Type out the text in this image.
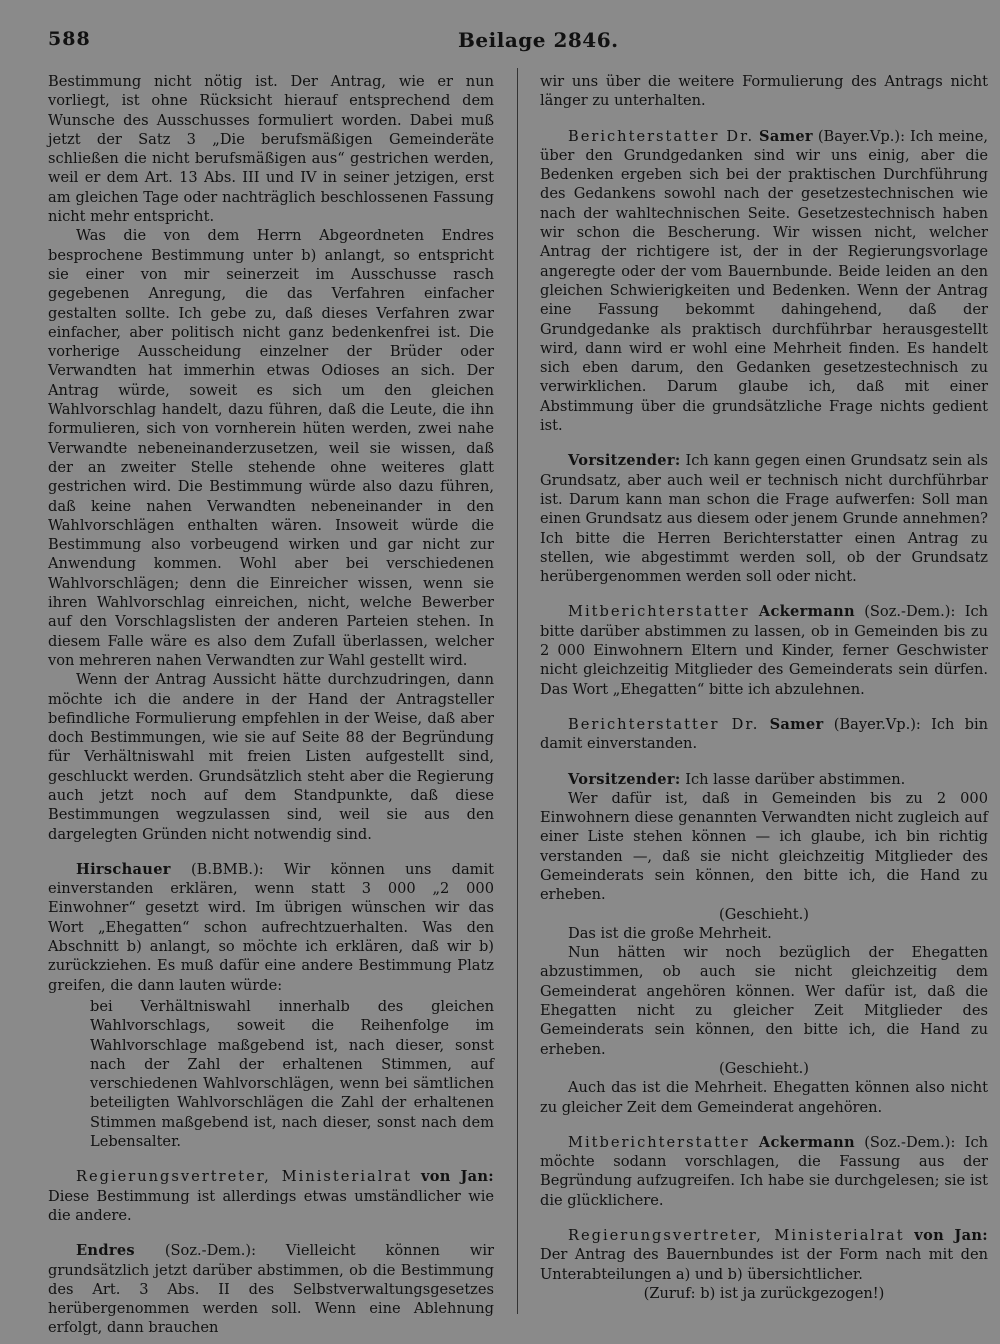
588	Beilage 2846.

Bestimmung nicht nötig ist. Der Antrag, wie er nun vorliegt, ist ohne Rücksicht hierauf entsprechend dem Wunsche des Ausschusses formuliert worden. Dabei muß jetzt der Satz 3 „Die berufsmäßigen Gemeinderäte schließen die nicht berufsmäßigen aus“ gestrichen werden, weil er dem Art. 13 Abs. III und IV in seiner jetzigen, erst am gleichen Tage oder nachträglich beschlossenen Fassung nicht mehr entspricht.

Was die von dem Herrn Abgeordneten Endres besprochene Bestimmung unter b) anlangt, so entspricht sie einer von mir seinerzeit im Ausschusse rasch gegebenen Anregung, die das Verfahren einfacher gestalten sollte. Ich gebe zu, daß dieses Verfahren zwar einfacher, aber politisch nicht ganz bedenkenfrei ist. Die vorherige Ausscheidung einzelner der Brüder oder Verwandten hat immerhin etwas Odioses an sich. Der Antrag würde, soweit es sich um den gleichen Wahlvorschlag handelt, dazu führen, daß die Leute, die ihn formulieren, sich von vornherein hüten werden, zwei nahe Verwandte nebeneinanderzusetzen, weil sie wissen, daß der an zweiter Stelle stehende ohne weiteres glatt gestrichen wird. Die Bestimmung würde also dazu führen, daß keine nahen Verwandten nebeneinander in den Wahlvorschlägen enthalten wären. Insoweit würde die Bestimmung also vorbeugend wirken und gar nicht zur Anwendung kommen. Wohl aber bei verschiedenen Wahlvorschlägen; denn die Einreicher wissen, wenn sie ihren Wahlvorschlag einreichen, nicht, welche Bewerber auf den Vorschlagslisten der anderen Parteien stehen. In diesem Falle wäre es also dem Zufall überlassen, welcher von mehreren nahen Verwandten zur Wahl gestellt wird.

Wenn der Antrag Aussicht hätte durchzudringen, dann möchte ich die andere in der Hand der Antragsteller befindliche Formulierung empfehlen in der Weise, daß aber doch Bestimmungen, wie sie auf Seite 88 der Begründung für Verhältniswahl mit freien Listen aufgestellt sind, geschluckt werden. Grundsätzlich steht aber die Regierung auch jetzt noch auf dem Standpunkte, daß diese Bestimmungen wegzulassen sind, weil sie aus den dargelegten Gründen nicht notwendig sind.

Hirschauer (B.BMB.): Wir können uns damit einverstanden erklären, wenn statt 3 000 „2 000 Einwohner“ gesetzt wird. Im übrigen wünschen wir das Wort „Ehegatten“ schon aufrechtzuerhalten. Was den Abschnitt b) anlangt, so möchte ich erklären, daß wir b) zurückziehen. Es muß dafür eine andere Bestimmung Platz greifen, die dann lauten würde:

bei Verhältniswahl innerhalb des gleichen Wahlvorschlags, soweit die Reihenfolge im Wahlvorschlage maßgebend ist, nach dieser, sonst nach der Zahl der erhaltenen Stimmen, auf verschiedenen Wahlvorschlägen, wenn bei sämtlichen beteiligten Wahlvorschlägen die Zahl der erhaltenen Stimmen maßgebend ist, nach dieser, sonst nach dem Lebensalter.

Regierungsvertreter, Ministerialrat von Jan: Diese Bestimmung ist allerdings etwas umständlicher wie die andere.

Endres (Soz.-Dem.): Vielleicht können wir grundsätzlich jetzt darüber abstimmen, ob die Bestimmung des Art. 3 Abs. II des Selbstverwaltungsgesetzes herübergenommen werden soll. Wenn eine Ablehnung erfolgt, dann brauchen

wir uns über die weitere Formulierung des Antrags nicht länger zu unterhalten.

Berichterstatter Dr. Samer (Bayer.Vp.): Ich meine, über den Grundgedanken sind wir uns einig, aber die Bedenken ergeben sich bei der praktischen Durchführung des Gedankens sowohl nach der gesetzestechnischen wie nach der wahltechnischen Seite. Gesetzestechnisch haben wir schon die Bescherung. Wir wissen nicht, welcher Antrag der richtigere ist, der in der Regierungsvorlage angeregte oder der vom Bauernbunde. Beide leiden an den gleichen Schwierigkeiten und Bedenken. Wenn der Antrag eine Fassung bekommt dahingehend, daß der Grundgedanke als praktisch durchführbar herausgestellt wird, dann wird er wohl eine Mehrheit finden. Es handelt sich eben darum, den Gedanken gesetzestechnisch zu verwirklichen. Darum glaube ich, daß mit einer Abstimmung über die grundsätzliche Frage nichts gedient ist.

Vorsitzender: Ich kann gegen einen Grundsatz sein als Grundsatz, aber auch weil er technisch nicht durchführbar ist. Darum kann man schon die Frage aufwerfen: Soll man einen Grundsatz aus diesem oder jenem Grunde annehmen? Ich bitte die Herren Berichterstatter einen Antrag zu stellen, wie abgestimmt werden soll, ob der Grundsatz herübergenommen werden soll oder nicht.

Mitberichterstatter Ackermann (Soz.-Dem.): Ich bitte darüber abstimmen zu lassen, ob in Gemeinden bis zu 2 000 Einwohnern Eltern und Kinder, ferner Geschwister nicht gleichzeitig Mitglieder des Gemeinderats sein dürfen. Das Wort „Ehegatten“ bitte ich abzulehnen.

Berichterstatter Dr. Samer (Bayer.Vp.): Ich bin damit einverstanden.

Vorsitzender: Ich lasse darüber abstimmen.

Wer dafür ist, daß in Gemeinden bis zu 2 000 Einwohnern diese genannten Verwandten nicht zugleich auf einer Liste stehen können — ich glaube, ich bin richtig verstanden —, daß sie nicht gleichzeitig Mitglieder des Gemeinderats sein können, den bitte ich, die Hand zu erheben.

(Geschieht.)

Das ist die große Mehrheit.

Nun hätten wir noch bezüglich der Ehegatten abzustimmen, ob auch sie nicht gleichzeitig dem Gemeinderat angehören können. Wer dafür ist, daß die Ehegatten nicht zu gleicher Zeit Mitglieder des Gemeinderats sein können, den bitte ich, die Hand zu erheben.

(Geschieht.)

Auch das ist die Mehrheit. Ehegatten können also nicht zu gleicher Zeit dem Gemeinderat angehören.

Mitberichterstatter Ackermann (Soz.-Dem.): Ich möchte sodann vorschlagen, die Fassung aus der Begründung aufzugreifen. Ich habe sie durchgelesen; sie ist die glücklichere.

Regierungsvertreter, Ministerialrat von Jan: Der Antrag des Bauernbundes ist der Form nach mit den Unterabteilungen a) und b) übersichtlicher.

(Zuruf: b) ist ja zurückgezogen!)
